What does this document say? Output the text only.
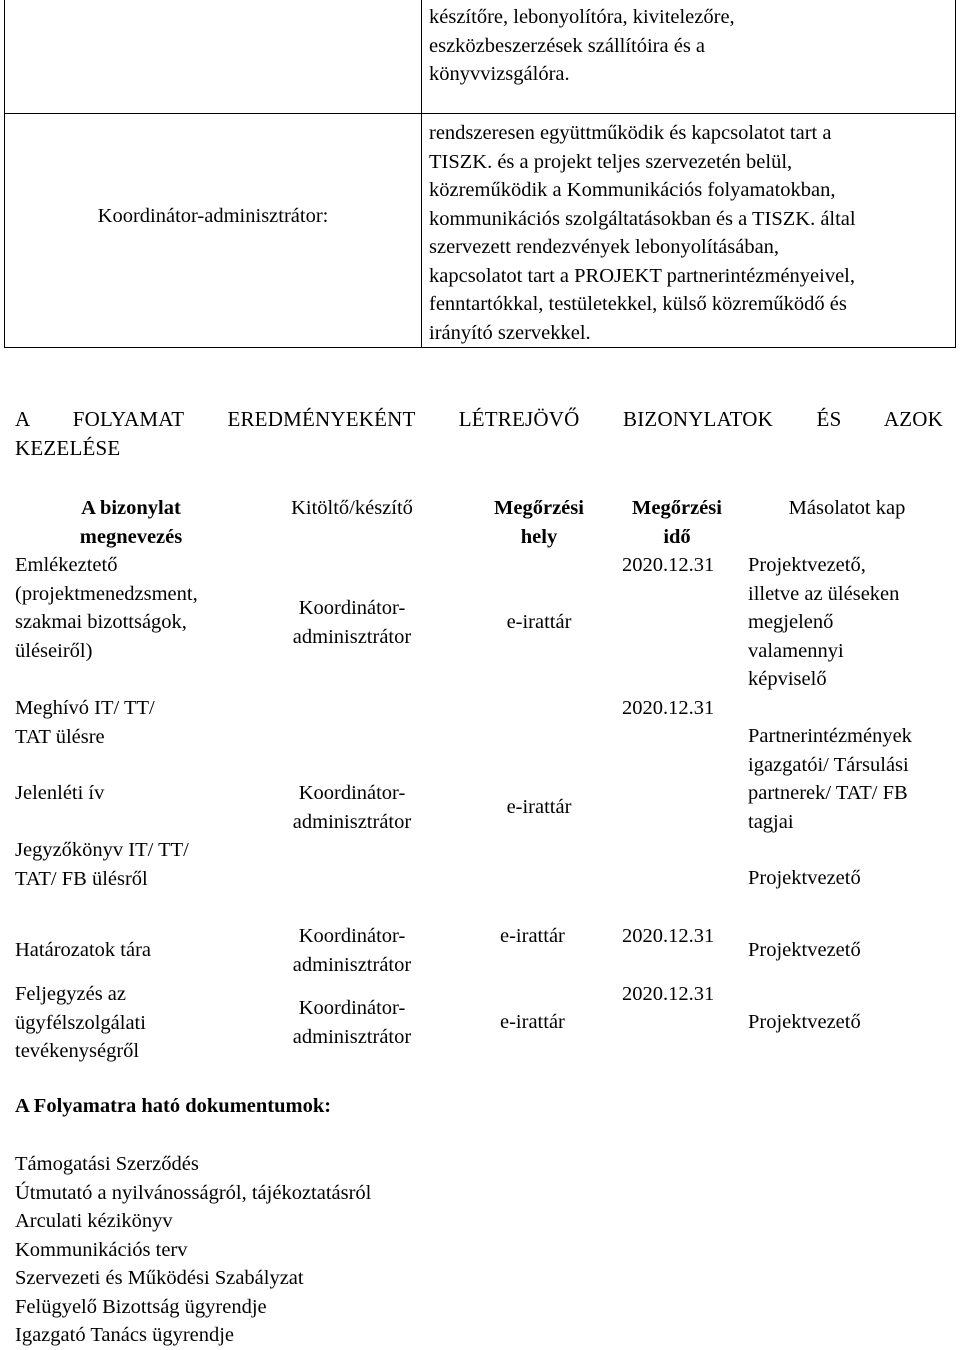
készítőre, lebonyolítóra, kivitelezőre,
eszközbeszerzések szállítóira és a
könyvvizsgálóra.
Koordinátor-adminisztrátor:
rendszeresen együttműködik és kapcsolatot tart a
TISZK. és a projekt teljes szervezetén belül,
közreműködik a Kommunikációs folyamatokban,
kommunikációs szolgáltatásokban és a TISZK. által
szervezett rendezvények lebonyolításában,
kapcsolatot tart a PROJEKT partnerintézményeivel,
fenntartókkal, testületekkel, külső közreműködő és
irányító szervekkel.
A FOLYAMAT EREDMÉNYEKÉNT LÉTREJÖVŐ BIZONYLATOK ÉS AZOK
KEZELÉSE
A bizonylat
megnevezés
Kitöltő/készítő	Megőrzési
hely
Megőrzési
idő
Másolatot kap
Emlékeztető
(projektmenedzsment,
szakmai bizottságok,
üléseiről)
Koordinátor-
adminisztrátor
e-irattár
2020.12.31 Projektvezető,
illetve az üléseken
megjelenő
valamennyi
képviselő
Meghívó IT/ TT/
TAT ülésre
Jelenléti ív
Jegyzőkönyv IT/ TT/
TAT/ FB ülésről
Koordinátor-
adminisztrátor
e-irattár
2020.12.31
Partnerintézmények
igazgatói/ Társulási
partnerek/ TAT/ FB
tagjai
Projektvezető
Határozatok tára
Koordinátor-
adminisztrátor
e-irattár	2020.12.31
Projektvezető
Feljegyzés az
ügyfélszolgálati
tevékenységről
Koordinátor-
adminisztrátor
e-irattár
2020.12.31
Projektvezető
A Folyamatra ható dokumentumok:
Támogatási Szerződés
Útmutató a nyilvánosságról, tájékoztatásról
Arculati kézikönyv
Kommunikációs terv
Szervezeti és Működési Szabályzat
Felügyelő Bizottság ügyrendje
Igazgató Tanács ügyrendje
